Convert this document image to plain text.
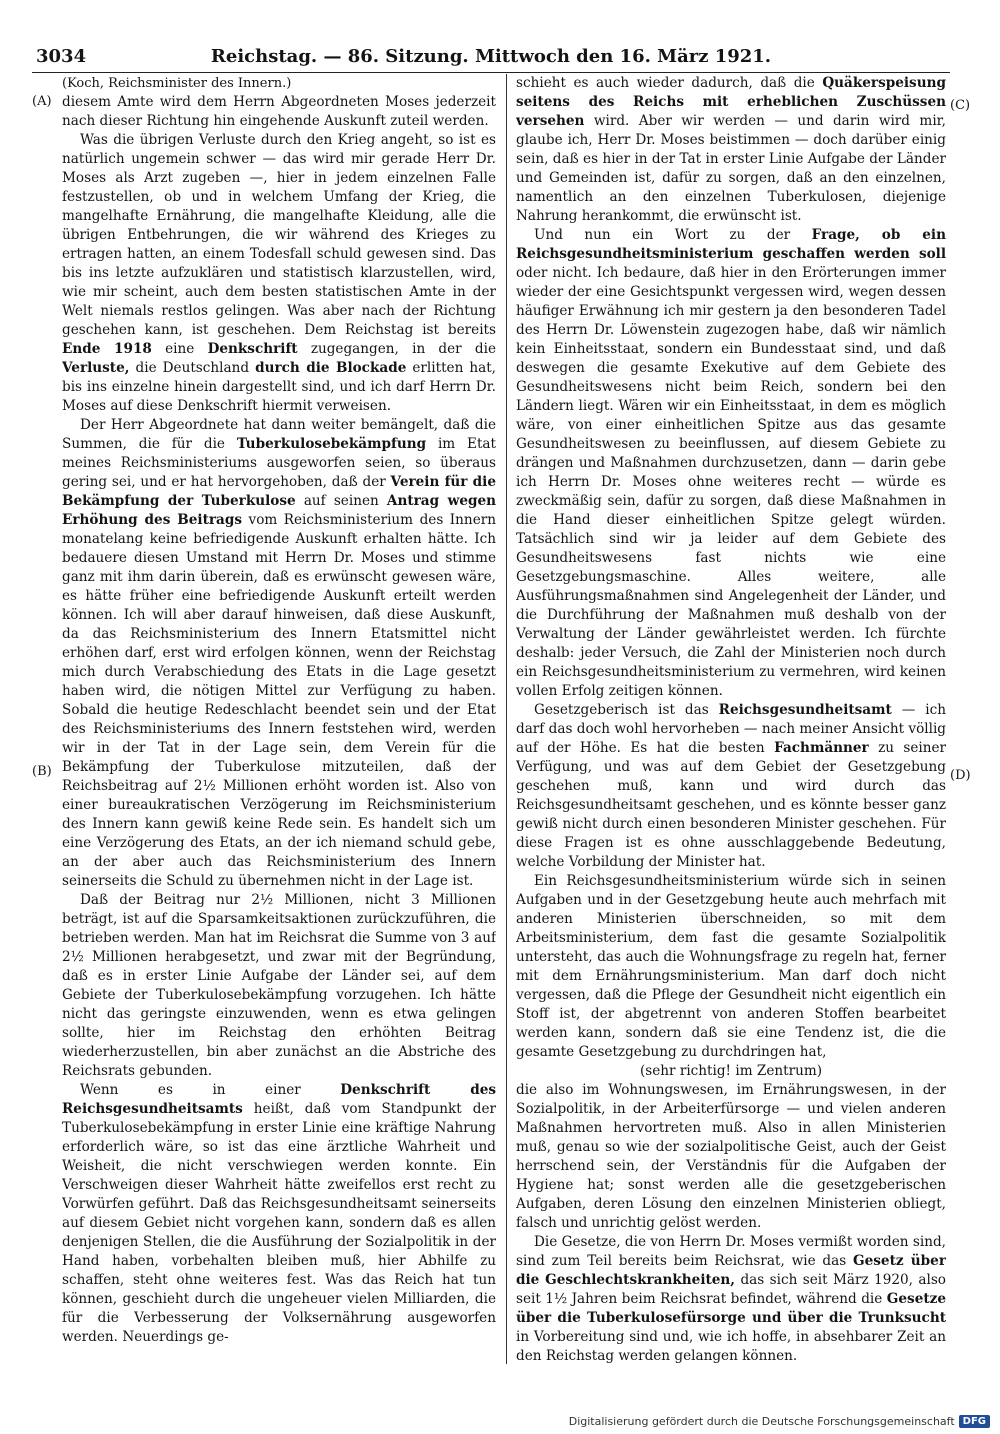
3034	Reichstag. — 86. Sitzung. Mittwoch den 16. März 1921.
(A)
(B)
(C)
(D)

(Koch, Reichsminister des Innern.)

diesem Amte wird dem Herrn Abgeordneten Moses jederzeit nach dieser Richtung hin eingehende Auskunft zuteil werden.

Was die übrigen Verluste durch den Krieg angeht, so ist es natürlich ungemein schwer — das wird mir gerade Herr Dr. Moses als Arzt zugeben —, hier in jedem einzelnen Falle festzustellen, ob und in welchem Umfang der Krieg, die mangelhafte Ernährung, die mangelhafte Kleidung, alle die übrigen Entbehrungen, die wir während des Krieges zu ertragen hatten, an einem Todesfall schuld gewesen sind. Das bis ins letzte aufzuklären und statistisch klarzustellen, wird, wie mir scheint, auch dem besten statistischen Amte in der Welt niemals restlos gelingen. Was aber nach der Richtung geschehen kann, ist geschehen. Dem Reichstag ist bereits Ende 1918 eine Denkschrift zugegangen, in der die Verluste, die Deutschland durch die Blockade erlitten hat, bis ins einzelne hinein dargestellt sind, und ich darf Herrn Dr. Moses auf diese Denkschrift hiermit verweisen.

Der Herr Abgeordnete hat dann weiter bemängelt, daß die Summen, die für die Tuberkulosebekämpfung im Etat meines Reichsministeriums ausgeworfen seien, so überaus gering sei, und er hat hervorgehoben, daß der Verein für die Bekämpfung der Tuberkulose auf seinen Antrag wegen Erhöhung des Beitrags vom Reichsministerium des Innern monatelang keine befriedigende Auskunft erhalten hätte. Ich bedauere diesen Umstand mit Herrn Dr. Moses und stimme ganz mit ihm darin überein, daß es erwünscht gewesen wäre, es hätte früher eine befriedigende Auskunft erteilt werden können. Ich will aber darauf hinweisen, daß diese Auskunft, da das Reichsministerium des Innern Etatsmittel nicht erhöhen darf, erst wird erfolgen können, wenn der Reichstag mich durch Verabschiedung des Etats in die Lage gesetzt haben wird, die nötigen Mittel zur Verfügung zu haben. Sobald die heutige Redeschlacht beendet sein und der Etat des Reichsministeriums des Innern feststehen wird, werden wir in der Tat in der Lage sein, dem Verein für die Bekämpfung der Tuberkulose mitzuteilen, daß der Reichsbeitrag auf 2½ Millionen erhöht worden ist. Also von einer bureaukratischen Verzögerung im Reichsministerium des Innern kann gewiß keine Rede sein. Es handelt sich um eine Verzögerung des Etats, an der ich niemand schuld gebe, an der aber auch das Reichsministerium des Innern seinerseits die Schuld zu übernehmen nicht in der Lage ist.

Daß der Beitrag nur 2½ Millionen, nicht 3 Millionen beträgt, ist auf die Sparsamkeitsaktionen zurückzuführen, die betrieben werden. Man hat im Reichsrat die Summe von 3 auf 2½ Millionen herabgesetzt, und zwar mit der Begründung, daß es in erster Linie Aufgabe der Länder sei, auf dem Gebiete der Tuberkulosebekämpfung vorzugehen. Ich hätte nicht das geringste einzuwenden, wenn es etwa gelingen sollte, hier im Reichstag den erhöhten Beitrag wiederherzustellen, bin aber zunächst an die Abstriche des Reichsrats gebunden.

Wenn es in einer	Denkschrift des Reichsgesundheitsamts heißt, daß vom Standpunkt der Tuberkulosebekämpfung in erster Linie eine kräftige Nahrung erforderlich wäre, so ist das eine ärztliche Wahrheit und Weisheit, die nicht verschwiegen werden konnte. Ein Verschweigen dieser Wahrheit hätte zweifellos erst recht zu Vorwürfen geführt. Daß das Reichsgesundheitsamt seinerseits auf diesem Gebiet nicht vorgehen kann, sondern daß es allen denjenigen Stellen, die die Ausführung der Sozialpolitik in der Hand haben, vorbehalten bleiben muß, hier Abhilfe zu schaffen, steht ohne weiteres fest. Was das Reich hat tun können, geschieht durch die ungeheuer vielen Milliarden, die für die Verbesserung der Volksernährung ausgeworfen werden. Neuerdings ge-

schieht es auch wieder dadurch, daß die Quäkerspeisung seitens des Reichs mit erheblichen Zuschüssen versehen wird. Aber wir werden — und darin wird mir, glaube ich, Herr Dr. Moses beistimmen — doch darüber einig sein, daß es hier in der Tat in erster Linie Aufgabe der Länder und Gemeinden ist, dafür zu sorgen, daß an den einzelnen, namentlich an den einzelnen Tuberkulosen, diejenige Nahrung herankommt, die erwünscht ist.

Und nun ein Wort zu der Frage, ob ein Reichsgesundheitsministerium geschaffen werden soll oder nicht. Ich bedaure, daß hier in den Erörterungen immer wieder der eine Gesichtspunkt vergessen wird, wegen dessen häufiger Erwähnung ich mir gestern ja den besonderen Tadel des Herrn Dr. Löwenstein zugezogen habe, daß wir nämlich kein Einheitsstaat, sondern ein Bundesstaat sind, und daß deswegen die gesamte Exekutive auf dem Gebiete des Gesundheitswesens nicht beim Reich, sondern bei den Ländern liegt. Wären wir ein Einheitsstaat, in dem es möglich wäre, von einer einheitlichen Spitze aus das gesamte Gesundheitswesen zu beeinflussen, auf diesem Gebiete zu drängen und Maßnahmen durchzusetzen, dann — darin gebe ich Herrn Dr. Moses ohne weiteres recht — würde es zweckmäßig sein, dafür zu sorgen, daß diese Maßnahmen in die Hand dieser einheitlichen Spitze gelegt würden. Tatsächlich sind wir ja leider auf dem Gebiete des Gesundheitswesens fast nichts wie eine Gesetzgebungsmaschine. Alles weitere, alle Ausführungsmaßnahmen sind Angelegenheit der Länder, und die Durchführung der Maßnahmen muß deshalb von der Verwaltung der Länder gewährleistet werden. Ich fürchte deshalb: jeder Versuch, die Zahl der Ministerien noch durch ein Reichsgesundheitsministerium zu vermehren, wird keinen vollen Erfolg zeitigen können.

Gesetzgeberisch ist das Reichsgesundheitsamt — ich darf das doch wohl hervorheben — nach meiner Ansicht völlig auf der Höhe. Es hat die besten Fachmänner zu seiner Verfügung, und was auf dem Gebiet der Gesetzgebung geschehen muß, kann und wird durch das Reichsgesundheitsamt geschehen, und es könnte besser ganz gewiß nicht durch einen besonderen Minister geschehen. Für diese Fragen ist es ohne ausschlaggebende Bedeutung, welche Vorbildung der Minister hat.

Ein Reichsgesundheitsministerium würde sich in seinen Aufgaben und in der Gesetzgebung heute auch mehrfach mit anderen Ministerien überschneiden, so mit dem Arbeitsministerium, dem fast die gesamte Sozialpolitik untersteht, das auch die Wohnungsfrage zu regeln hat, ferner mit dem Ernährungsministerium. Man darf doch nicht vergessen, daß die Pflege der Gesundheit nicht eigentlich ein Stoff ist, der abgetrennt von anderen Stoffen bearbeitet werden kann, sondern daß sie eine Tendenz ist, die die gesamte Gesetzgebung zu durchdringen hat,

(sehr richtig! im Zentrum)

die also im Wohnungswesen, im Ernährungswesen, in der Sozialpolitik, in der Arbeiterfürsorge — und vielen anderen Maßnahmen hervortreten muß. Also in allen Ministerien muß, genau so wie der sozialpolitische Geist, auch der Geist herrschend sein, der Verständnis für die Aufgaben der Hygiene hat; sonst werden alle die gesetzgeberischen Aufgaben, deren Lösung den einzelnen Ministerien obliegt, falsch und unrichtig gelöst werden.

Die Gesetze, die von Herrn Dr. Moses vermißt worden sind, sind zum Teil bereits beim Reichsrat, wie das Gesetz über die Geschlechtskrankheiten, das sich seit März 1920, also seit 1½ Jahren beim Reichsrat befindet, während die Gesetze über die Tuberkulosefürsorge und über die Trunksucht in Vorbereitung sind und, wie ich hoffe, in absehbarer Zeit an den Reichstag werden gelangen können.

Digitalisierung gefördert durch die Deutsche Forschungsgemeinschaft DFG
